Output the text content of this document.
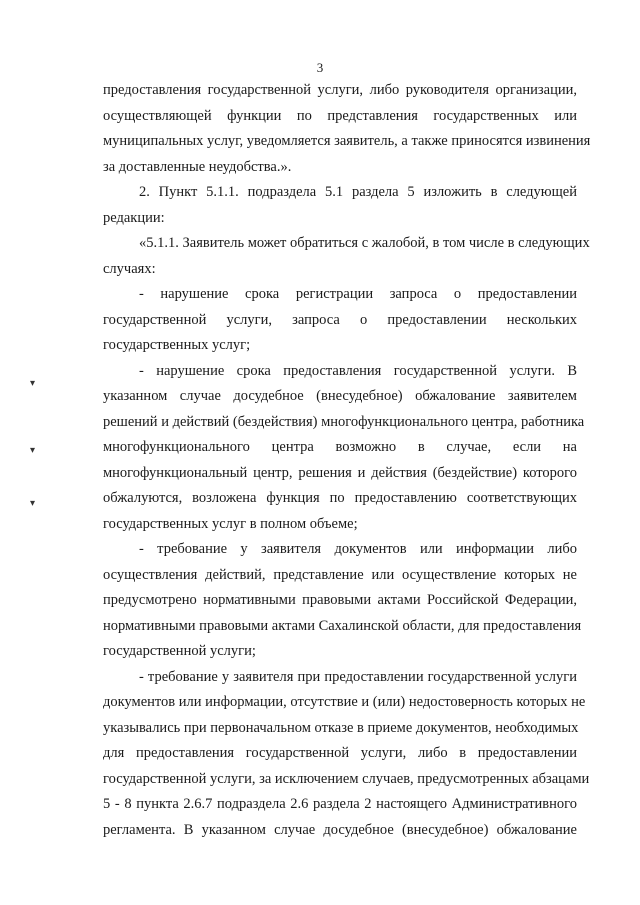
3
▾
▾
▾
предоставления государственной услуги, либо руководителя организации,
осуществляющей функции по представления государственных или
муниципальных услуг, уведомляется заявитель, а также приносятся извинения
за доставленные неудобства.».
2. Пункт 5.1.1. подраздела 5.1 раздела 5 изложить в следующей
редакции:
«5.1.1. Заявитель может обратиться с жалобой, в том числе в следующих
случаях:
- нарушение срока регистрации запроса о предоставлении
государственной услуги, запроса о предоставлении нескольких
государственных услуг;
- нарушение срока предоставления государственной услуги. В
указанном случае досудебное (внесудебное) обжалование заявителем
решений и действий (бездействия) многофункционального центра, работника
многофункционального центра возможно в случае, если на
многофункциональный центр, решения и действия (бездействие) которого
обжалуются, возложена функция по предоставлению соответствующих
государственных услуг в полном объеме;
- требование у заявителя документов или информации либо
осуществления действий, представление или осуществление которых не
предусмотрено нормативными правовыми актами Российской Федерации,
нормативными правовыми актами Сахалинской области, для предоставления
государственной услуги;
- требование у заявителя при предоставлении государственной услуги
документов или информации, отсутствие и (или) недостоверность которых не
указывались при первоначальном отказе в приеме документов, необходимых
для предоставления государственной услуги, либо в предоставлении
государственной услуги, за исключением случаев, предусмотренных абзацами
5 - 8 пункта 2.6.7 подраздела 2.6 раздела 2 настоящего Административного
регламента. В указанном случае досудебное (внесудебное) обжалование
